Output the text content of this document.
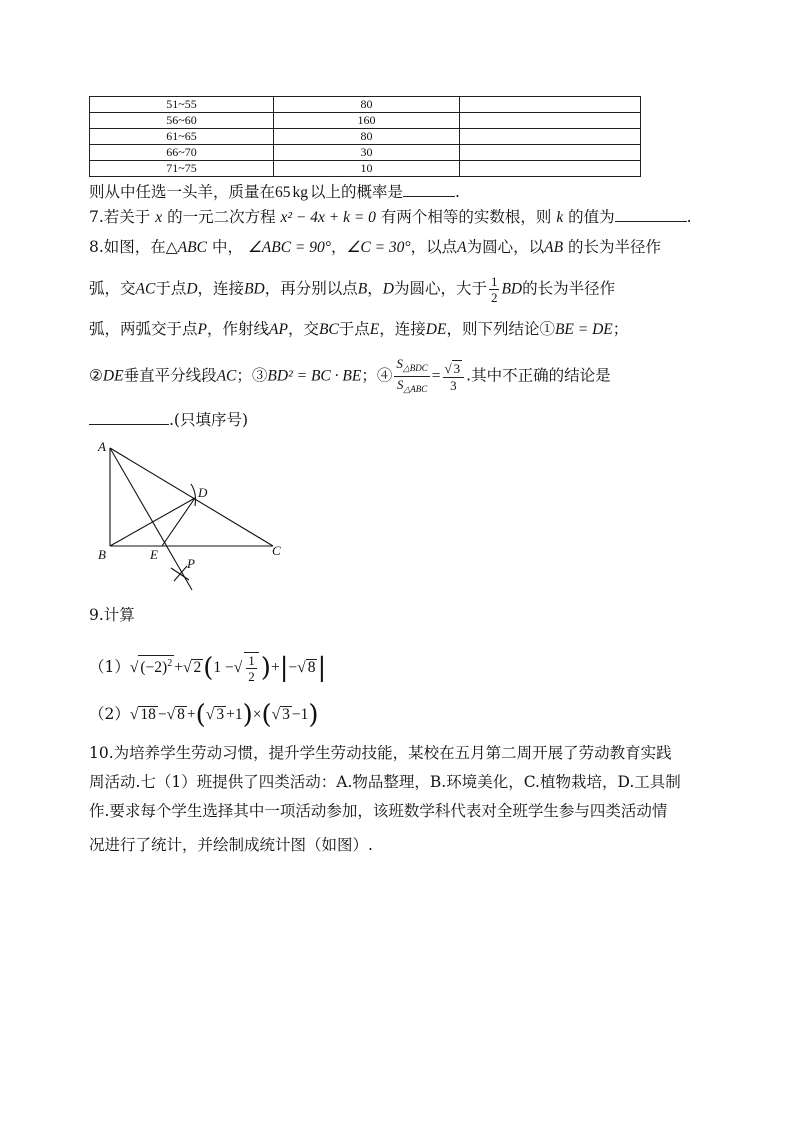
51~55	80	
56~60	160	
61~65	80	
66~70	30	
71~75	10	
则从中任选一头羊，质量在65 kg 以上的概率是	.
7.若关于 x 的一元二次方程 x² − 4x + k = 0 有两个相等的实数根，则 k 的值为	.
8.如图，在△ABC 中， ∠ABC = 90°，∠C = 30°，以点A为圆心，以AB 的长为半径作
弧，交AC于点D，连接BD，再分别以点B，D为圆心，大于 $\frac{1}{2}$ BD的长为半径作
弧，两弧交于点P，作射线AP，交BC于点E，连接DE，则下列结论①BE = DE；
②DE垂直平分线段AC；③BD² = BC · BE；④ $\frac{S_{\triangle BDC}}{S_{\triangle ABC}} = \frac{√ 3}{3}$ .其中不正确的结论是
.(只填序号)
A
B	C
D
E
P
9.计算
（1）√ $(-2)^2$ +√ 2(1 −√ $\frac{1}{2}$ )+|−√ 8|
（2）√ 18 −√ 8 +(√ 3 +1)×(√ 3 −1)
10.为培养学生劳动习惯，提升学生劳动技能，某校在五月第二周开展了劳动教育实践
周活动.七（1）班提供了四类活动：A.物品整理，B.环境美化，C.植物栽培，D.工具制
作.要求每个学生选择其中一项活动参加，该班数学科代表对全班学生参与四类活动情
况进行了统计，并绘制成统计图（如图）.
